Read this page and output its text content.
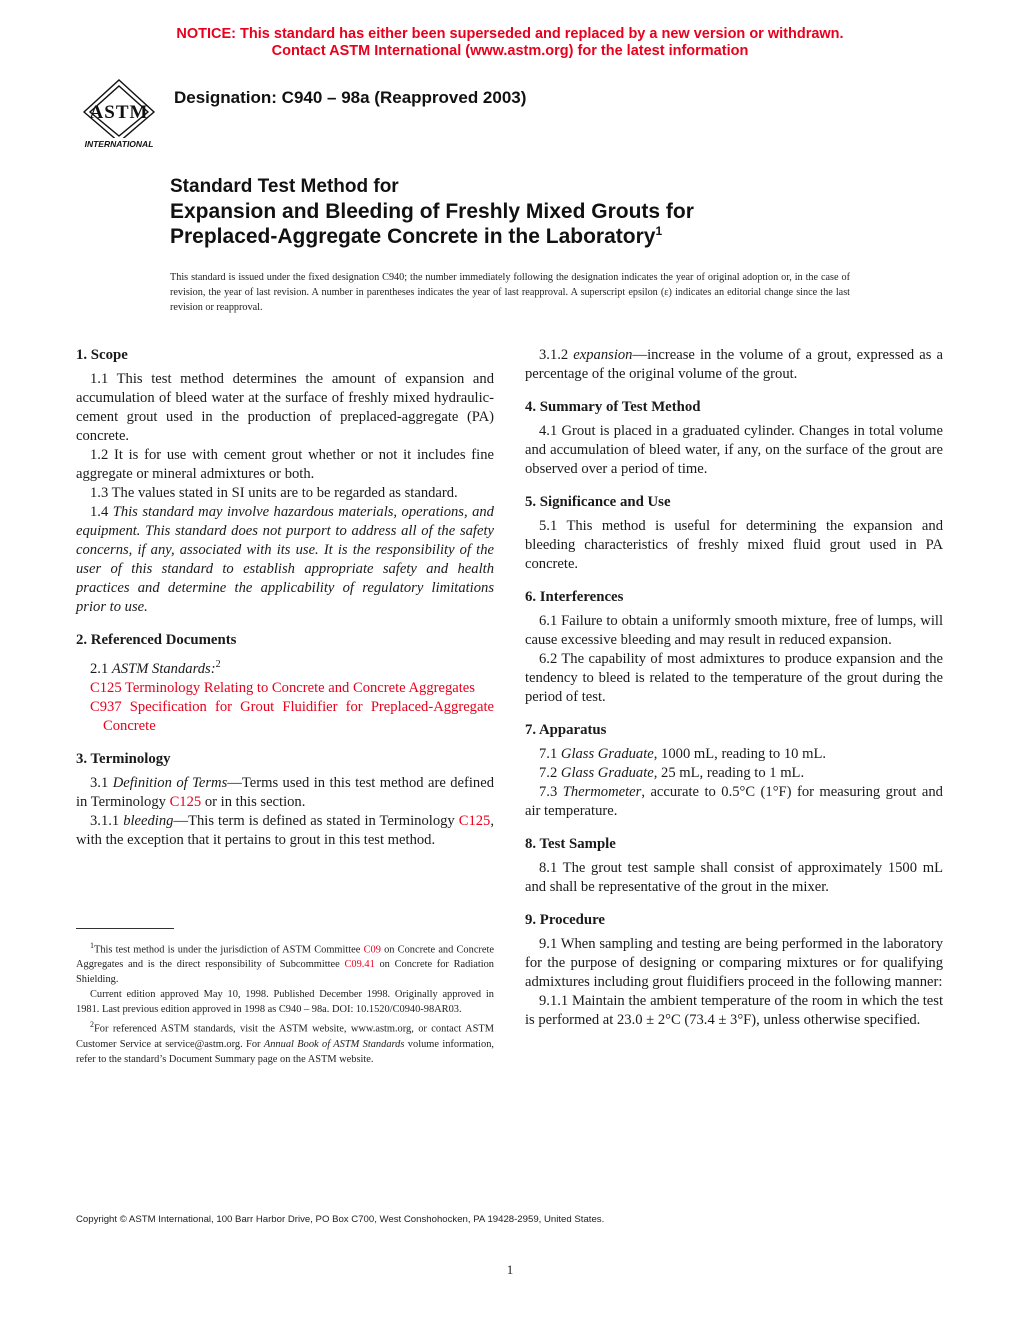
NOTICE: This standard has either been superseded and replaced by a new version or withdrawn.
Contact ASTM International (www.astm.org) for the latest information
ASTM
INTERNATIONAL
Designation: C940 – 98a (Reapproved 2003)
Standard Test Method for
Expansion and Bleeding of Freshly Mixed Grouts for
Preplaced-Aggregate Concrete in the Laboratory$^1$
This standard is issued under the fixed designation C940; the number immediately following the designation indicates the year of original adoption or, in the case of revision, the year of last revision. A number in parentheses indicates the year of last reapproval. A superscript epsilon (ε) indicates an editorial change since the last revision or reapproval.
1. Scope

1.1 This test method determines the amount of expansion and accumulation of bleed water at the surface of freshly mixed hydraulic-cement grout used in the production of preplaced-aggregate (PA) concrete.

1.2 It is for use with cement grout whether or not it includes fine aggregate or mineral admixtures or both.

1.3 The values stated in SI units are to be regarded as standard.

1.4 This standard may involve hazardous materials, operations, and equipment. This standard does not purport to address all of the safety concerns, if any, associated with its use. It is the responsibility of the user of this standard to establish appropriate safety and health practices and determine the applicability of regulatory limitations prior to use.

2. Referenced Documents

2.1 ASTM Standards:$^2$

C125 Terminology Relating to Concrete and Concrete Aggregates

C937 Specification for Grout Fluidifier for Preplaced-Aggregate Concrete

3. Terminology

3.1 Definition of Terms—Terms used in this test method are defined in Terminology C125 or in this section.

3.1.1 bleeding—This term is defined as stated in Terminology C125, with the exception that it pertains to grout in this test method.

3.1.2 expansion—increase in the volume of a grout, expressed as a percentage of the original volume of the grout.

4. Summary of Test Method

4.1 Grout is placed in a graduated cylinder. Changes in total volume and accumulation of bleed water, if any, on the surface of the grout are observed over a period of time.

5. Significance and Use

5.1 This method is useful for determining the expansion and bleeding characteristics of freshly mixed fluid grout used in PA concrete.

6. Interferences

6.1 Failure to obtain a uniformly smooth mixture, free of lumps, will cause excessive bleeding and may result in reduced expansion.

6.2 The capability of most admixtures to produce expansion and the tendency to bleed is related to the temperature of the grout during the period of test.

7. Apparatus

7.1 Glass Graduate, 1000 mL, reading to 10 mL.

7.2 Glass Graduate, 25 mL, reading to 1 mL.

7.3 Thermometer, accurate to 0.5°C (1°F) for measuring grout and air temperature.

8. Test Sample

8.1 The grout test sample shall consist of approximately 1500 mL and shall be representative of the grout in the mixer.

9. Procedure

9.1 When sampling and testing are being performed in the laboratory for the purpose of designing or comparing mixtures or for qualifying admixtures including grout fluidifiers proceed in the following manner:

9.1.1 Maintain the ambient temperature of the room in which the test is performed at 23.0 ± 2°C (73.4 ± 3°F), unless otherwise specified.

$^1$This test method is under the jurisdiction of ASTM Committee C09 on Concrete and Concrete Aggregates and is the direct responsibility of Subcommittee C09.41 on Concrete for Radiation Shielding.

Current edition approved May 10, 1998. Published December 1998. Originally approved in 1981. Last previous edition approved in 1998 as C940 – 98a. DOI: 10.1520/C0940-98AR03.

$^2$For referenced ASTM standards, visit the ASTM website, www.astm.org, or contact ASTM Customer Service at service@astm.org. For Annual Book of ASTM Standards volume information, refer to the standard’s Document Summary page on the ASTM website.

Copyright © ASTM International, 100 Barr Harbor Drive, PO Box C700, West Conshohocken, PA 19428-2959, United States.
1
